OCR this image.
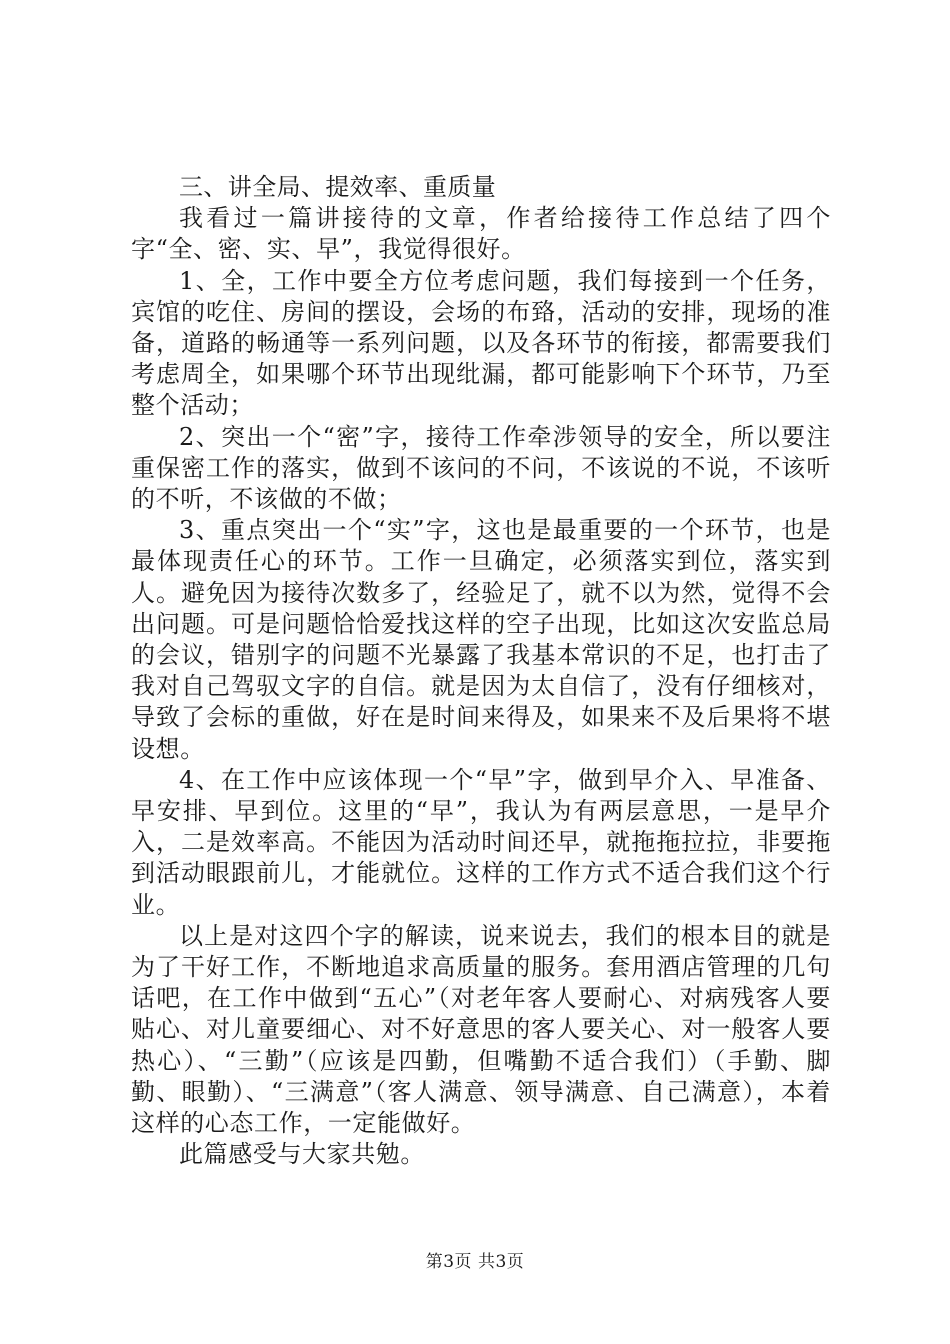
三、讲全局、提效率、重质量

我看过一篇讲接待的文章，作者给接待工作总结了四个字“全、密、实、早”，我觉得很好。

1、全，工作中要全方位考虑问题，我们每接到一个任务，宾馆的吃住、房间的摆设，会场的布臵，活动的安排，现场的准备，道路的畅通等一系列问题，以及各环节的衔接，都需要我们考虑周全，如果哪个环节出现纰漏，都可能影响下个环节，乃至整个活动；

2、突出一个“密”字，接待工作牵涉领导的安全，所以要注重保密工作的落实，做到不该问的不问，不该说的不说，不该听的不听，不该做的不做；

3、重点突出一个“实”字，这也是最重要的一个环节，也是最体现责任心的环节。工作一旦确定，必须落实到位，落实到人。避免因为接待次数多了，经验足了，就不以为然，觉得不会出问题。可是问题恰恰爱找这样的空子出现，比如这次安监总局的会议，错别字的问题不光暴露了我基本常识的不足，也打击了我对自己驾驭文字的自信。就是因为太自信了，没有仔细核对，导致了会标的重做，好在是时间来得及，如果来不及后果将不堪设想。

4、在工作中应该体现一个“早”字，做到早介入、早准备、早安排、早到位。这里的“早”，我认为有两层意思，一是早介入，二是效率高。不能因为活动时间还早，就拖拖拉拉，非要拖到活动眼跟前儿，才能就位。这样的工作方式不适合我们这个行业。

以上是对这四个字的解读，说来说去，我们的根本目的就是为了干好工作，不断地追求高质量的服务。套用酒店管理的几句话吧，在工作中做到“五心”（对老年客人要耐心、对病残客人要贴心、对儿童要细心、对不好意思的客人要关心、对一般客人要热心）、“三勤”（应该是四勤，但嘴勤不适合我们）（手勤、脚勤、眼勤）、“三满意”（客人满意、领导满意、自己满意），本着这样的心态工作，一定能做好。

此篇感受与大家共勉。

第3页 共3页
